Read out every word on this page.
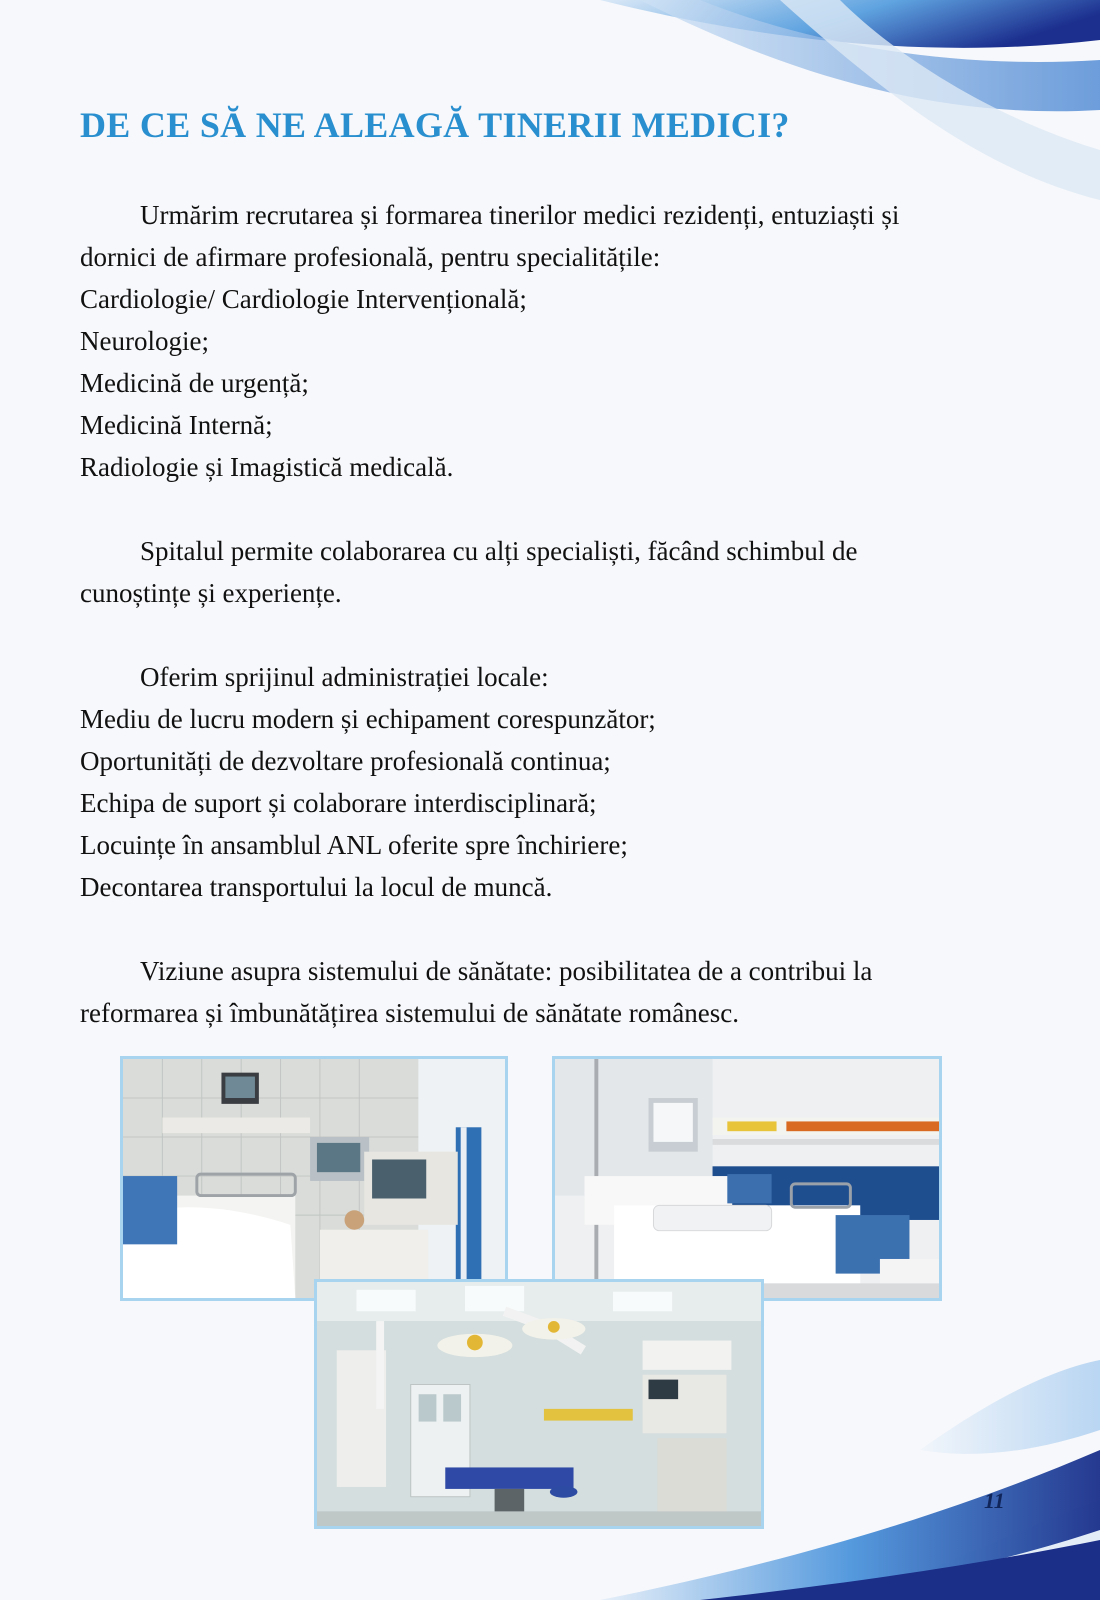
DE CE SĂ NE ALEAGĂ TINERII MEDICI?

Urmărim recrutarea și formarea tinerilor medici rezidenți, entuziaști și dornici de afirmare profesională, pentru specialitățile:

Cardiologie/ Cardiologie Intervențională;

Neurologie;

Medicină de urgență;

Medicină Internă;

Radiologie și Imagistică medicală.

Spitalul permite colaborarea cu alți specialiști, făcând schimbul de cunoștințe și experiențe.

Oferim sprijinul administrației locale:

Mediu de lucru modern și echipament corespunzător;

Oportunități de dezvoltare profesională continua;

Echipa de suport și colaborare interdisciplinară;

Locuințe în ansamblul ANL oferite spre închiriere;

Decontarea transportului la locul de muncă.

Viziune asupra sistemului de sănătate: posibilitatea de a contribui la reformarea și îmbunătățirea sistemului de sănătate românesc.

11
